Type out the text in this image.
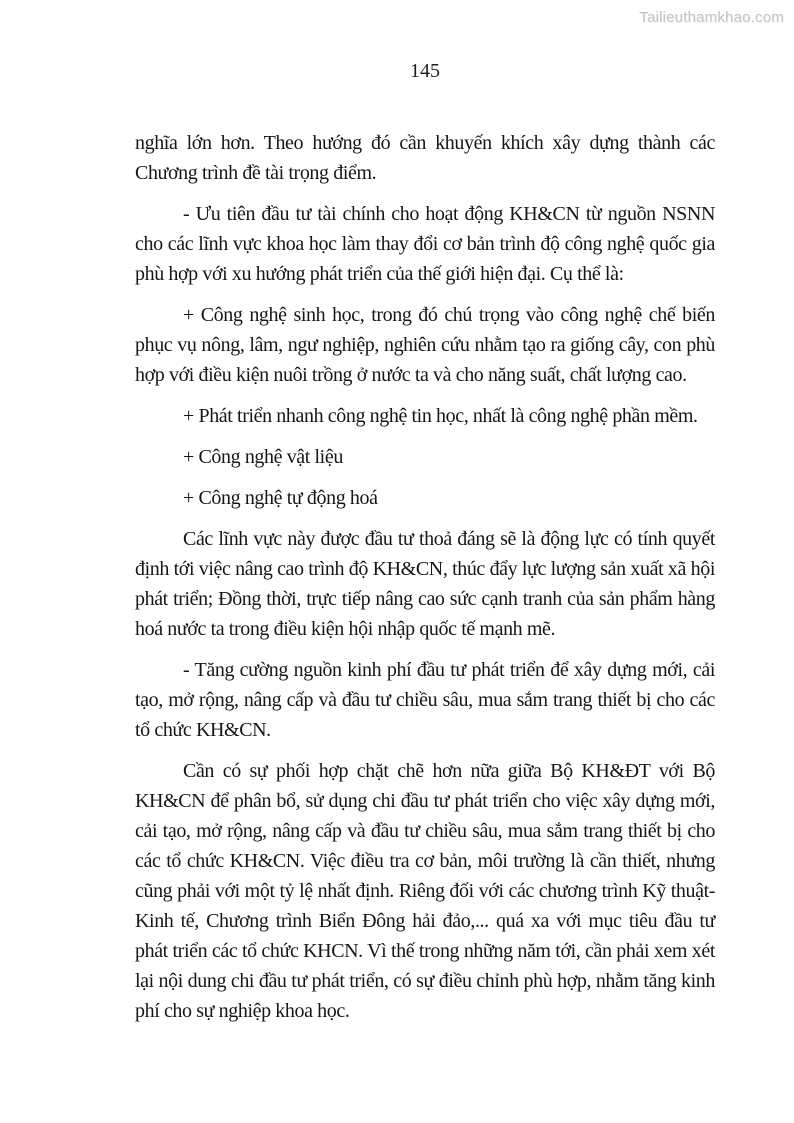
Tailieuthamkhao.com
145

nghĩa lớn hơn. Theo hướng đó cần khuyến khích xây dựng thành các Chương trình đề tài trọng điểm.

- Ưu tiên đầu tư tài chính cho hoạt động KH&CN từ nguồn NSNN cho các lĩnh vực khoa học làm thay đổi cơ bản trình độ công nghệ quốc gia phù hợp với xu hướng phát triển của thế giới hiện đại. Cụ thể là:

+ Công nghệ sinh học, trong đó chú trọng vào công nghệ chế biến phục vụ nông, lâm, ngư nghiệp, nghiên cứu nhằm tạo ra giống cây, con phù hợp với điều kiện nuôi trồng ở nước ta và cho năng suất, chất lượng cao.

+ Phát triển nhanh công nghệ tin học, nhất là công nghệ phần mềm.

+ Công nghệ vật liệu

+ Công nghệ tự động hoá

Các lĩnh vực này được đầu tư thoả đáng sẽ là động lực có tính quyết định tới việc nâng cao trình độ KH&CN, thúc đẩy lực lượng sản xuất xã hội phát triển; Đồng thời, trực tiếp nâng cao sức cạnh tranh của sản phẩm hàng hoá nước ta trong điều kiện hội nhập quốc tế mạnh mẽ.

- Tăng cường nguồn kinh phí đầu tư phát triển để xây dựng mới, cải tạo, mở rộng, nâng cấp và đầu tư chiều sâu, mua sắm trang thiết bị cho các tổ chức KH&CN.

Cần có sự phối hợp chặt chẽ hơn nữa giữa Bộ KH&ĐT với Bộ KH&CN để phân bổ, sử dụng chi đầu tư phát triển cho việc xây dựng mới, cải tạo, mở rộng, nâng cấp và đầu tư chiều sâu, mua sắm trang thiết bị cho các tổ chức KH&CN. Việc điều tra cơ bản, môi trường là cần thiết, nhưng cũng phải với một tỷ lệ nhất định. Riêng đối với các chương trình Kỹ thuật- Kinh tế, Chương trình Biển Đông hải đảo,... quá xa với mục tiêu đầu tư phát triển các tổ chức KHCN. Vì thế trong những năm tới, cần phải xem xét lại nội dung chi đầu tư phát triển, có sự điều chỉnh phù hợp, nhằm tăng kinh phí cho sự nghiệp khoa học.
